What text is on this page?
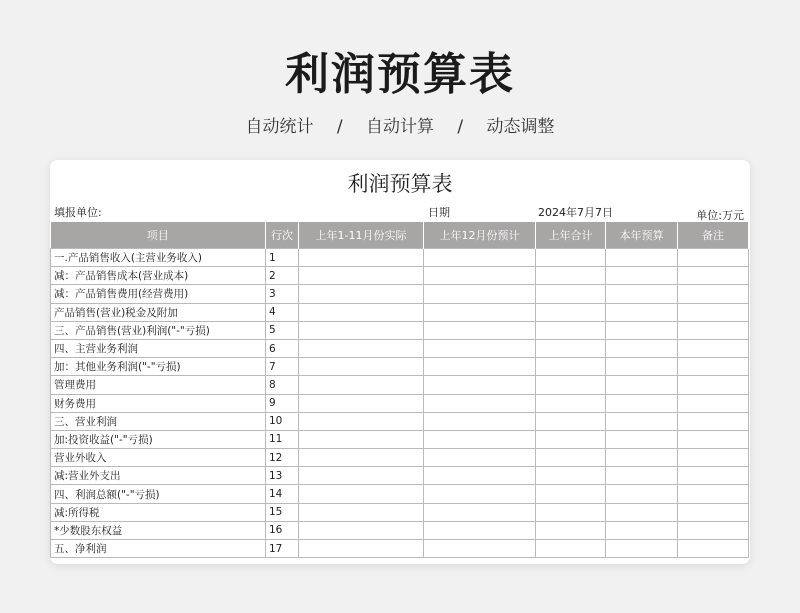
利润预算表
自动统计 / 自动计算 / 动态调整
利润预算表
填报单位:	日期	2024年7月7日	单位:万元
项目	行次	上年1-11月份实际	上年12月份预计	上年合计	本年预算	备注
一.产品销售收入(主营业务收入)	1					
减：产品销售成本(营业成本)	2					
减：产品销售费用(经营费用)	3					
产品销售(营业)税金及附加	4					
三、产品销售(营业)利润("-"亏损)	5					
四、主营业务利润	6					
加：其他业务利润("-"亏损)	7					
管理费用	8					
财务费用	9					
三、营业利润	10					
加:投资收益("-"亏损)	11					
营业外收入	12					
减:营业外支出	13					
四、利润总额("-"亏损)	14					
减:所得税	15					
*少数股东权益	16					
五、净利润	17					
